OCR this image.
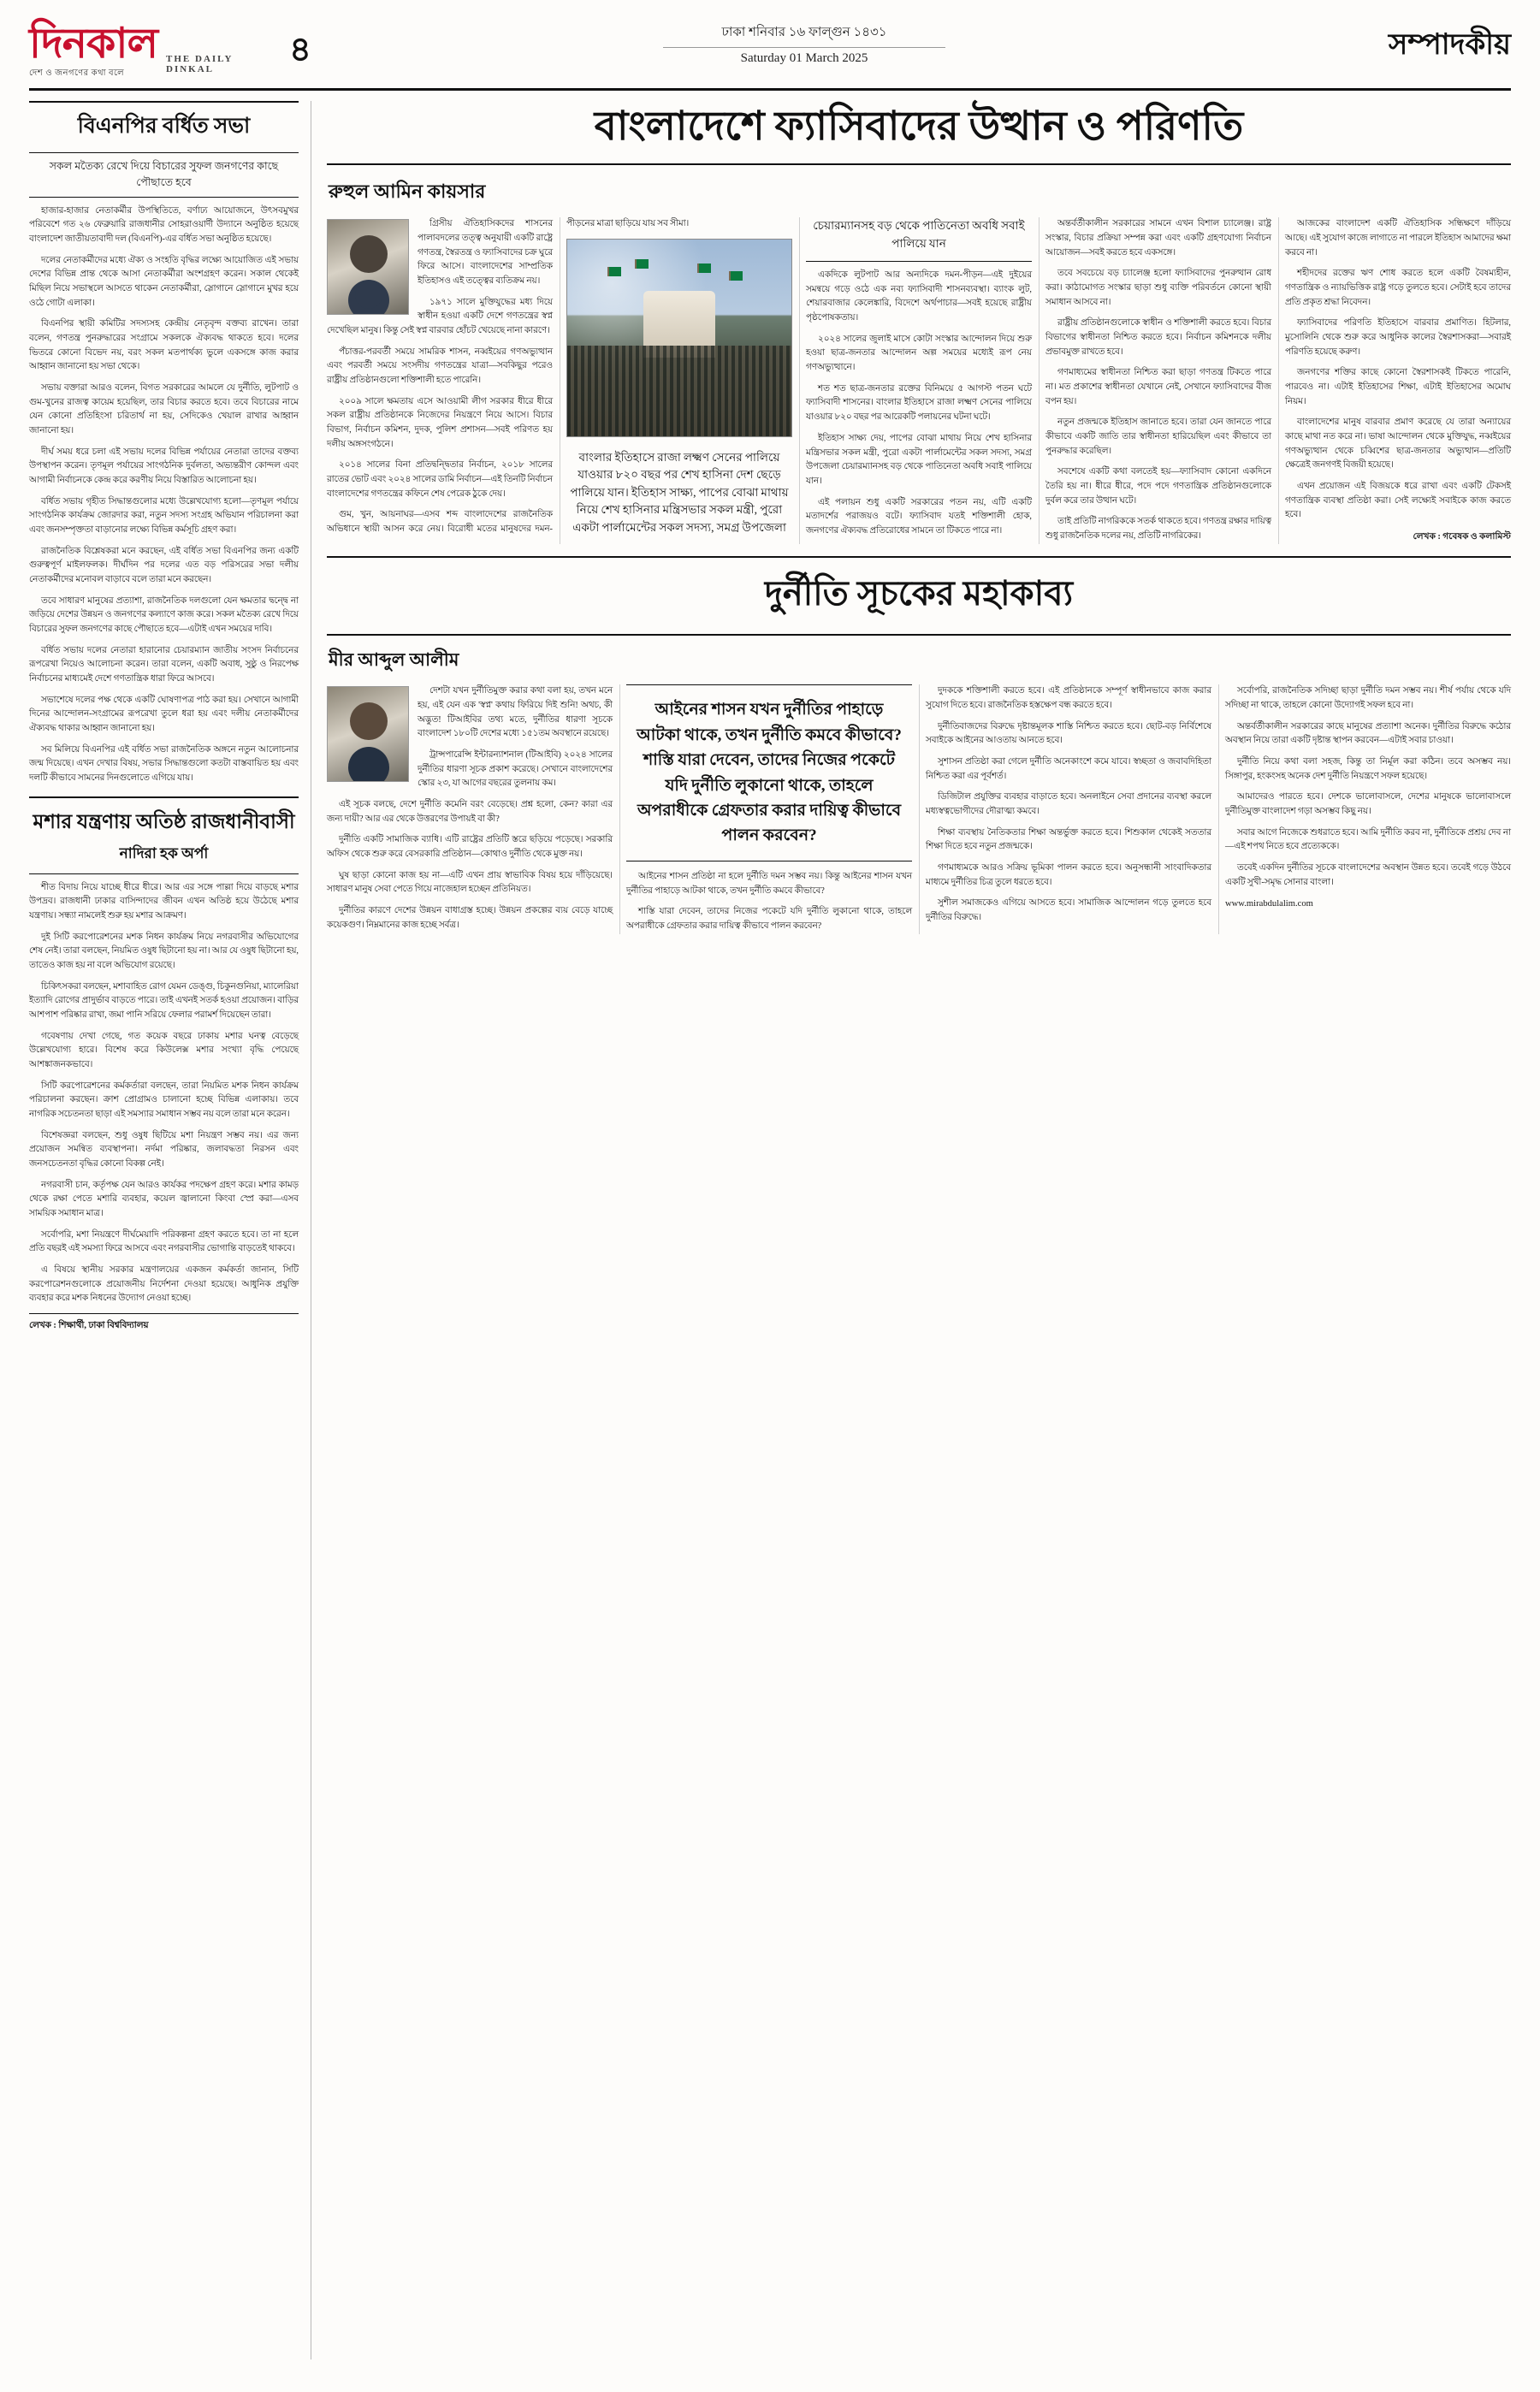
দিনকাল
দেশ ও জনগণের কথা বলে
THE DAILY DINKAL
৪	ঢাকা শনিবার ১৬ ফাল্গুন ১৪৩১
Saturday 01 March 2025	সম্পাদকীয়
বিএনপির বর্ধিত সভা
সকল মতৈক্য রেখে দিয়ে বিচারের সুফল জনগণের কাছে পৌছাতে হবে

হাজার-হাজার নেতাকর্মীর উপস্থিতিতে, বর্ণাঢ্য আয়োজনে, উৎসবমুখর পরিবেশে গত ২৬ ফেব্রুয়ারি রাজধানীর সোহরাওয়ার্দী উদ্যানে অনুষ্ঠিত হয়েছে বাংলাদেশ জাতীয়তাবাদী দল (বিএনপি)-এর বর্ধিত সভা অনুষ্ঠিত হয়েছে।

দলের নেতাকর্মীদের মধ্যে ঐক্য ও সংহতি বৃদ্ধির লক্ষ্যে আয়োজিত এই সভায় দেশের বিভিন্ন প্রান্ত থেকে আসা নেতাকর্মীরা অংশগ্রহণ করেন। সকাল থেকেই মিছিল নিয়ে সভাস্থলে আসতে থাকেন নেতাকর্মীরা, স্লোগানে স্লোগানে মুখর হয়ে ওঠে গোটা এলাকা।

বিএনপির স্থায়ী কমিটির সদস্যসহ কেন্দ্রীয় নেতৃবৃন্দ বক্তব্য রাখেন। তারা বলেন, গণতন্ত্র পুনরুদ্ধারের সংগ্রামে সকলকে ঐক্যবদ্ধ থাকতে হবে। দলের ভিতরে কোনো বিভেদ নয়, বরং সকল মতপার্থক্য ভুলে একসঙ্গে কাজ করার আহ্বান জানানো হয় সভা থেকে।

সভায় বক্তারা আরও বলেন, বিগত সরকারের আমলে যে দুর্নীতি, লুটপাট ও গুম-খুনের রাজত্ব কায়েম হয়েছিল, তার বিচার করতে হবে। তবে বিচারের নামে যেন কোনো প্রতিহিংসা চরিতার্থ না হয়, সেদিকেও খেয়াল রাখার আহ্বান জানানো হয়।

দীর্ঘ সময় ধরে চলা এই সভায় দলের বিভিন্ন পর্যায়ের নেতারা তাদের বক্তব্য উপস্থাপন করেন। তৃণমূল পর্যায়ের সাংগঠনিক দুর্বলতা, অভ্যন্তরীণ কোন্দল এবং আগামী নির্বাচনকে কেন্দ্র করে করণীয় নিয়ে বিস্তারিত আলোচনা হয়।

বর্ধিত সভায় গৃহীত সিদ্ধান্তগুলোর মধ্যে উল্লেখযোগ্য হলো—তৃণমূল পর্যায়ে সাংগঠনিক কার্যক্রম জোরদার করা, নতুন সদস্য সংগ্রহ অভিযান পরিচালনা করা এবং জনসম্পৃক্ততা বাড়ানোর লক্ষ্যে বিভিন্ন কর্মসূচি গ্রহণ করা।

রাজনৈতিক বিশ্লেষকরা মনে করছেন, এই বর্ধিত সভা বিএনপির জন্য একটি গুরুত্বপূর্ণ মাইলফলক। দীর্ঘদিন পর দলের এত বড় পরিসরের সভা দলীয় নেতাকর্মীদের মনোবল বাড়াবে বলে তারা মনে করছেন।

তবে সাধারণ মানুষের প্রত্যাশা, রাজনৈতিক দলগুলো যেন ক্ষমতার দ্বন্দ্বে না জড়িয়ে দেশের উন্নয়ন ও জনগণের কল্যাণে কাজ করে। সকল মতৈক্য রেখে দিয়ে বিচারের সুফল জনগণের কাছে পৌছাতে হবে—এটাই এখন সময়ের দাবি।

বর্ধিত সভায় দলের নেতারা হারানোর চেয়ারম্যান জাতীয় সংসদ নির্বাচনের রূপরেখা নিয়েও আলোচনা করেন। তারা বলেন, একটি অবাধ, সুষ্ঠু ও নিরপেক্ষ নির্বাচনের মাধ্যমেই দেশে গণতান্ত্রিক ধারা ফিরে আসবে।

সভাশেষে দলের পক্ষ থেকে একটি ঘোষণাপত্র পাঠ করা হয়। সেখানে আগামী দিনের আন্দোলন-সংগ্রামের রূপরেখা তুলে ধরা হয় এবং দলীয় নেতাকর্মীদের ঐক্যবদ্ধ থাকার আহ্বান জানানো হয়।

সব মিলিয়ে বিএনপির এই বর্ধিত সভা রাজনৈতিক অঙ্গনে নতুন আলোচনার জন্ম দিয়েছে। এখন দেখার বিষয়, সভার সিদ্ধান্তগুলো কতটা বাস্তবায়িত হয় এবং দলটি কীভাবে সামনের দিনগুলোতে এগিয়ে যায়।

মশার যন্ত্রণায় অতিষ্ঠ রাজধানীবাসী
নাদিরা হক অর্পা

শীত বিদায় নিয়ে যাচ্ছে ধীরে ধীরে। আর এর সঙ্গে পাল্লা দিয়ে বাড়ছে মশার উপদ্রব। রাজধানী ঢাকার বাসিন্দাদের জীবন এখন অতিষ্ঠ হয়ে উঠেছে মশার যন্ত্রণায়। সন্ধ্যা নামলেই শুরু হয় মশার আক্রমণ।

দুই সিটি করপোরেশনের মশক নিধন কার্যক্রম নিয়ে নগরবাসীর অভিযোগের শেষ নেই। তারা বলছেন, নিয়মিত ওষুধ ছিটানো হয় না। আর যে ওষুধ ছিটানো হয়, তাতেও কাজ হয় না বলে অভিযোগ রয়েছে।

চিকিৎসকরা বলছেন, মশাবাহিত রোগ যেমন ডেঙ্গু, চিকুনগুনিয়া, ম্যালেরিয়া ইত্যাদি রোগের প্রাদুর্ভাব বাড়তে পারে। তাই এখনই সতর্ক হওয়া প্রয়োজন। বাড়ির আশপাশ পরিষ্কার রাখা, জমা পানি সরিয়ে ফেলার পরামর্শ দিয়েছেন তারা।

গবেষণায় দেখা গেছে, গত কয়েক বছরে ঢাকায় মশার ঘনত্ব বেড়েছে উল্লেখযোগ্য হারে। বিশেষ করে কিউলেক্স মশার সংখ্যা বৃদ্ধি পেয়েছে আশঙ্কাজনকভাবে।

সিটি করপোরেশনের কর্মকর্তারা বলছেন, তারা নিয়মিত মশক নিধন কার্যক্রম পরিচালনা করছেন। ক্রাশ প্রোগ্রামও চালানো হচ্ছে বিভিন্ন এলাকায়। তবে নাগরিক সচেতনতা ছাড়া এই সমস্যার সমাধান সম্ভব নয় বলে তারা মনে করেন।

বিশেষজ্ঞরা বলছেন, শুধু ওষুধ ছিটিয়ে মশা নিয়ন্ত্রণ সম্ভব নয়। এর জন্য প্রয়োজন সমন্বিত ব্যবস্থাপনা। নর্দমা পরিষ্কার, জলাবদ্ধতা নিরসন এবং জনসচেতনতা বৃদ্ধির কোনো বিকল্প নেই।

নগরবাসী চান, কর্তৃপক্ষ যেন আরও কার্যকর পদক্ষেপ গ্রহণ করে। মশার কামড় থেকে রক্ষা পেতে মশারি ব্যবহার, কয়েল জ্বালানো কিংবা স্প্রে করা—এসব সাময়িক সমাধান মাত্র।

সর্বোপরি, মশা নিয়ন্ত্রণে দীর্ঘমেয়াদি পরিকল্পনা গ্রহণ করতে হবে। তা না হলে প্রতি বছরই এই সমস্যা ফিরে আসবে এবং নগরবাসীর ভোগান্তি বাড়তেই থাকবে।

এ বিষয়ে স্থানীয় সরকার মন্ত্রণালয়ের একজন কর্মকর্তা জানান, সিটি করপোরেশনগুলোকে প্রয়োজনীয় নির্দেশনা দেওয়া হয়েছে। আধুনিক প্রযুক্তি ব্যবহার করে মশক নিধনের উদ্যোগ নেওয়া হচ্ছে।

লেখক : শিক্ষার্থী, ঢাকা বিশ্ববিদ্যালয়
বাংলাদেশে ফ্যাসিবাদের উত্থান ও পরিণতি
রুহুল আমিন কায়সার

গ্রিসীয় ঐতিহাসিকদের শাসনের পালাবদলের তত্ত্ব অনুযায়ী একটি রাষ্ট্রে গণতন্ত্র, স্বৈরতন্ত্র ও ফ্যাসিবাদের চক্র ঘুরে ফিরে আসে। বাংলাদেশের সাম্প্রতিক ইতিহাসও এই তত্ত্বের ব্যতিক্রম নয়।

১৯৭১ সালে মুক্তিযুদ্ধের মধ্য দিয়ে স্বাধীন হওয়া একটি দেশে গণতন্ত্রের স্বপ্ন দেখেছিল মানুষ। কিন্তু সেই স্বপ্ন বারবার হোঁচট খেয়েছে নানা কারণে।

পঁচাত্তর-পরবর্তী সময়ে সামরিক শাসন, নব্বইয়ের গণঅভ্যুত্থান এবং পরবর্তী সময়ে সংসদীয় গণতন্ত্রের যাত্রা—সবকিছুর পরেও রাষ্ট্রীয় প্রতিষ্ঠানগুলো শক্তিশালী হতে পারেনি।

২০০৯ সালে ক্ষমতায় এসে আওয়ামী লীগ সরকার ধীরে ধীরে সকল রাষ্ট্রীয় প্রতিষ্ঠানকে নিজেদের নিয়ন্ত্রণে নিয়ে আসে। বিচার বিভাগ, নির্বাচন কমিশন, দুদক, পুলিশ প্রশাসন—সবই পরিণত হয় দলীয় অঙ্গসংগঠনে।

২০১৪ সালের বিনা প্রতিদ্বন্দ্বিতার নির্বাচন, ২০১৮ সালের রাতের ভোট এবং ২০২৪ সালের ডামি নির্বাচন—এই তিনটি নির্বাচন বাংলাদেশের গণতন্ত্রের কফিনে শেষ পেরেক ঠুকে দেয়।

গুম, খুন, আয়নাঘর—এসব শব্দ বাংলাদেশের রাজনৈতিক অভিধানে স্থায়ী আসন করে নেয়। বিরোধী মতের মানুষদের দমন-পীড়নের মাত্রা ছাড়িয়ে যায় সব সীমা।

বাংলার ইতিহাসে রাজা লক্ষ্মণ সেনের পালিয়ে যাওয়ার ৮২০ বছর পর শেখ হাসিনা দেশ ছেড়ে পালিয়ে যান। ইতিহাস সাক্ষ্য, পাপের বোঝা মাথায় নিয়ে শেখ হাসিনার মন্ত্রিসভার সকল মন্ত্রী, পুরো একটা পার্লামেন্টের সকল সদস্য, সমগ্র উপজেলা চেয়ারম্যানসহ বড় থেকে পাতিনেতা অবধি সবাই পালিয়ে যান

একদিকে লুটপাট আর অন্যদিকে দমন-পীড়ন—এই দুইয়ের সমন্বয়ে গড়ে ওঠে এক নব্য ফ্যাসিবাদী শাসনব্যবস্থা। ব্যাংক লুট, শেয়ারবাজার কেলেঙ্কারি, বিদেশে অর্থপাচার—সবই হয়েছে রাষ্ট্রীয় পৃষ্ঠপোষকতায়।

২০২৪ সালের জুলাই মাসে কোটা সংস্কার আন্দোলন দিয়ে শুরু হওয়া ছাত্র-জনতার আন্দোলন অল্প সময়ের মধ্যেই রূপ নেয় গণঅভ্যুত্থানে।

শত শত ছাত্র-জনতার রক্তের বিনিময়ে ৫ আগস্ট পতন ঘটে ফ্যাসিবাদী শাসনের। বাংলার ইতিহাসে রাজা লক্ষ্মণ সেনের পালিয়ে যাওয়ার ৮২০ বছর পর আরেকটি পলায়নের ঘটনা ঘটে।

ইতিহাস সাক্ষ্য দেয়, পাপের বোঝা মাথায় নিয়ে শেখ হাসিনার মন্ত্রিসভার সকল মন্ত্রী, পুরো একটা পার্লামেন্টের সকল সদস্য, সমগ্র উপজেলা চেয়ারম্যানসহ বড় থেকে পাতিনেতা অবধি সবাই পালিয়ে যান।

এই পলায়ন শুধু একটি সরকারের পতন নয়, এটি একটি মতাদর্শের পরাজয়ও বটে। ফ্যাসিবাদ যতই শক্তিশালী হোক, জনগণের ঐক্যবদ্ধ প্রতিরোধের সামনে তা টিকতে পারে না।

অন্তর্বর্তীকালীন সরকারের সামনে এখন বিশাল চ্যালেঞ্জ। রাষ্ট্র সংস্কার, বিচার প্রক্রিয়া সম্পন্ন করা এবং একটি গ্রহণযোগ্য নির্বাচন আয়োজন—সবই করতে হবে একসঙ্গে।

তবে সবচেয়ে বড় চ্যালেঞ্জ হলো ফ্যাসিবাদের পুনরুত্থান রোধ করা। কাঠামোগত সংস্কার ছাড়া শুধু ব্যক্তি পরিবর্তনে কোনো স্থায়ী সমাধান আসবে না।

রাষ্ট্রীয় প্রতিষ্ঠানগুলোকে স্বাধীন ও শক্তিশালী করতে হবে। বিচার বিভাগের স্বাধীনতা নিশ্চিত করতে হবে। নির্বাচন কমিশনকে দলীয় প্রভাবমুক্ত রাখতে হবে।

গণমাধ্যমের স্বাধীনতা নিশ্চিত করা ছাড়া গণতন্ত্র টিকতে পারে না। মত প্রকাশের স্বাধীনতা যেখানে নেই, সেখানে ফ্যাসিবাদের বীজ বপন হয়।

নতুন প্রজন্মকে ইতিহাস জানাতে হবে। তারা যেন জানতে পারে কীভাবে একটি জাতি তার স্বাধীনতা হারিয়েছিল এবং কীভাবে তা পুনরুদ্ধার করেছিল।

সবশেষে একটি কথা বলতেই হয়—ফ্যাসিবাদ কোনো একদিনে তৈরি হয় না। ধীরে ধীরে, পদে পদে গণতান্ত্রিক প্রতিষ্ঠানগুলোকে দুর্বল করে তার উত্থান ঘটে।

তাই প্রতিটি নাগরিককে সতর্ক থাকতে হবে। গণতন্ত্র রক্ষার দায়িত্ব শুধু রাজনৈতিক দলের নয়, প্রতিটি নাগরিকের।

আজকের বাংলাদেশ একটি ঐতিহাসিক সন্ধিক্ষণে দাঁড়িয়ে আছে। এই সুযোগ কাজে লাগাতে না পারলে ইতিহাস আমাদের ক্ষমা করবে না।

শহীদদের রক্তের ঋণ শোধ করতে হলে একটি বৈষম্যহীন, গণতান্ত্রিক ও ন্যায়ভিত্তিক রাষ্ট্র গড়ে তুলতে হবে। সেটাই হবে তাদের প্রতি প্রকৃত শ্রদ্ধা নিবেদন।

ফ্যাসিবাদের পরিণতি ইতিহাসে বারবার প্রমাণিত। হিটলার, মুসোলিনি থেকে শুরু করে আধুনিক কালের স্বৈরশাসকরা—সবারই পরিণতি হয়েছে করুণ।

জনগণের শক্তির কাছে কোনো স্বৈরশাসকই টিকতে পারেনি, পারবেও না। এটাই ইতিহাসের শিক্ষা, এটাই ইতিহাসের অমোঘ নিয়ম।

বাংলাদেশের মানুষ বারবার প্রমাণ করেছে যে তারা অন্যায়ের কাছে মাথা নত করে না। ভাষা আন্দোলন থেকে মুক্তিযুদ্ধ, নব্বইয়ের গণঅভ্যুত্থান থেকে চব্বিশের ছাত্র-জনতার অভ্যুত্থান—প্রতিটি ক্ষেত্রেই জনগণই বিজয়ী হয়েছে।

এখন প্রয়োজন এই বিজয়কে ধরে রাখা এবং একটি টেকসই গণতান্ত্রিক ব্যবস্থা প্রতিষ্ঠা করা। সেই লক্ষ্যেই সবাইকে কাজ করতে হবে।

লেখক : গবেষক ও কলামিস্ট
দুর্নীতি সূচকের মহাকাব্য
মীর আব্দুল আলীম

দেশটা যখন দুর্নীতিমুক্ত করার কথা বলা হয়, তখন মনে হয়, এই যেন এক 'স্বপ্ন' কথায় ফিরিয়ে দিই শুনি! অথচ, কী অদ্ভুত! টিআইবির তথ্য মতে, দুর্নীতির ধারণা সূচকে বাংলাদেশ ১৮০টি দেশের মধ্যে ১৫১তম অবস্থানে রয়েছে।

ট্রান্সপারেন্সি ইন্টারন্যাশনাল (টিআইবি) ২০২৪ সালের দুর্নীতির ধারণা সূচক প্রকাশ করেছে। সেখানে বাংলাদেশের স্কোর ২৩, যা আগের বছরের তুলনায় কম।

এই সূচক বলছে, দেশে দুর্নীতি কমেনি বরং বেড়েছে। প্রশ্ন হলো, কেন? কারা এর জন্য দায়ী? আর এর থেকে উত্তরণের উপায়ই বা কী?

দুর্নীতি একটি সামাজিক ব্যাধি। এটি রাষ্ট্রের প্রতিটি স্তরে ছড়িয়ে পড়েছে। সরকারি অফিস থেকে শুরু করে বেসরকারি প্রতিষ্ঠান—কোথাও দুর্নীতি থেকে মুক্ত নয়।

ঘুষ ছাড়া কোনো কাজ হয় না—এটি এখন প্রায় স্বাভাবিক বিষয় হয়ে দাঁড়িয়েছে। সাধারণ মানুষ সেবা পেতে গিয়ে নাজেহাল হচ্ছেন প্রতিনিয়ত।

দুর্নীতির কারণে দেশের উন্নয়ন বাধাগ্রস্ত হচ্ছে। উন্নয়ন প্রকল্পের ব্যয় বেড়ে যাচ্ছে কয়েকগুণ। নিম্নমানের কাজ হচ্ছে সর্বত্র।

আইনের শাসন যখন দুর্নীতির পাহাড়ে আটকা থাকে, তখন দুর্নীতি কমবে কীভাবে? শাস্তি যারা দেবেন, তাদের নিজের পকেটে যদি দুর্নীতি লুকানো থাকে, তাহলে অপরাধীকে গ্রেফতার করার দায়িত্ব কীভাবে পালন করবেন?

আইনের শাসন প্রতিষ্ঠা না হলে দুর্নীতি দমন সম্ভব নয়। কিন্তু আইনের শাসন যখন দুর্নীতির পাহাড়ে আটকা থাকে, তখন দুর্নীতি কমবে কীভাবে?

শাস্তি যারা দেবেন, তাদের নিজের পকেটে যদি দুর্নীতি লুকানো থাকে, তাহলে অপরাধীকে গ্রেফতার করার দায়িত্ব কীভাবে পালন করবেন?

দুদককে শক্তিশালী করতে হবে। এই প্রতিষ্ঠানকে সম্পূর্ণ স্বাধীনভাবে কাজ করার সুযোগ দিতে হবে। রাজনৈতিক হস্তক্ষেপ বন্ধ করতে হবে।

দুর্নীতিবাজদের বিরুদ্ধে দৃষ্টান্তমূলক শাস্তি নিশ্চিত করতে হবে। ছোট-বড় নির্বিশেষে সবাইকে আইনের আওতায় আনতে হবে।

সুশাসন প্রতিষ্ঠা করা গেলে দুর্নীতি অনেকাংশে কমে যাবে। স্বচ্ছতা ও জবাবদিহিতা নিশ্চিত করা এর পূর্বশর্ত।

ডিজিটাল প্রযুক্তির ব্যবহার বাড়াতে হবে। অনলাইনে সেবা প্রদানের ব্যবস্থা করলে মধ্যস্বত্বভোগীদের দৌরাত্ম্য কমবে।

শিক্ষা ব্যবস্থায় নৈতিকতার শিক্ষা অন্তর্ভুক্ত করতে হবে। শিশুকাল থেকেই সততার শিক্ষা দিতে হবে নতুন প্রজন্মকে।

গণমাধ্যমকে আরও সক্রিয় ভূমিকা পালন করতে হবে। অনুসন্ধানী সাংবাদিকতার মাধ্যমে দুর্নীতির চিত্র তুলে ধরতে হবে।

সুশীল সমাজকেও এগিয়ে আসতে হবে। সামাজিক আন্দোলন গড়ে তুলতে হবে দুর্নীতির বিরুদ্ধে।

সর্বোপরি, রাজনৈতিক সদিচ্ছা ছাড়া দুর্নীতি দমন সম্ভব নয়। শীর্ষ পর্যায় থেকে যদি সদিচ্ছা না থাকে, তাহলে কোনো উদ্যোগই সফল হবে না।

অন্তর্বর্তীকালীন সরকারের কাছে মানুষের প্রত্যাশা অনেক। দুর্নীতির বিরুদ্ধে কঠোর অবস্থান নিয়ে তারা একটি দৃষ্টান্ত স্থাপন করবেন—এটাই সবার চাওয়া।

দুর্নীতি নিয়ে কথা বলা সহজ, কিন্তু তা নির্মূল করা কঠিন। তবে অসম্ভব নয়। সিঙ্গাপুর, হংকংসহ অনেক দেশ দুর্নীতি নিয়ন্ত্রণে সফল হয়েছে।

আমাদেরও পারতে হবে। দেশকে ভালোবাসলে, দেশের মানুষকে ভালোবাসলে দুর্নীতিমুক্ত বাংলাদেশ গড়া অসম্ভব কিছু নয়।

সবার আগে নিজেকে শুধরাতে হবে। আমি দুর্নীতি করব না, দুর্নীতিকে প্রশ্রয় দেব না—এই শপথ নিতে হবে প্রত্যেককে।

তবেই একদিন দুর্নীতির সূচকে বাংলাদেশের অবস্থান উন্নত হবে। তবেই গড়ে উঠবে একটি সুখী-সমৃদ্ধ সোনার বাংলা।

www.mirabdulalim.com
